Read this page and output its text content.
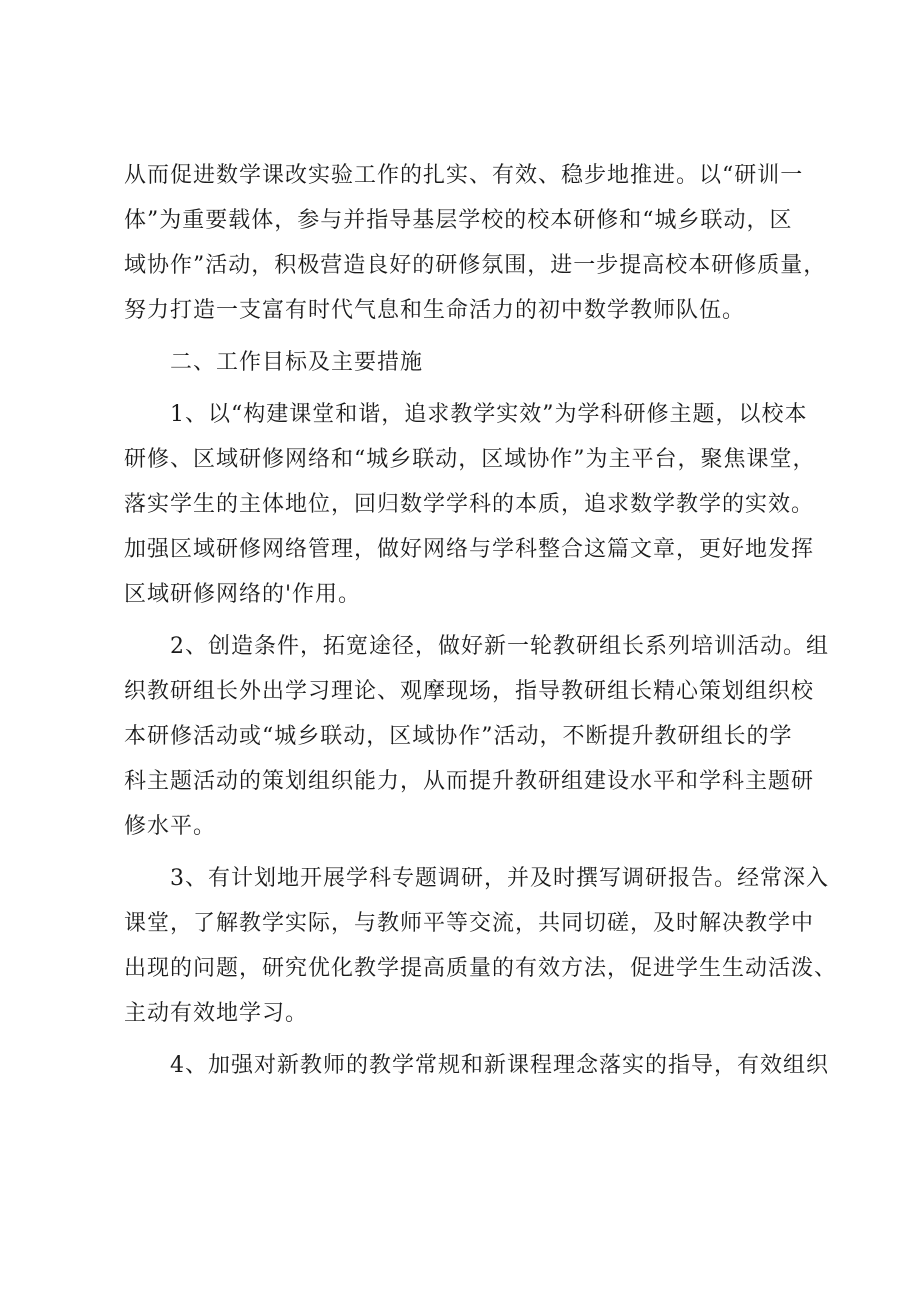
从而促进数学课改实验工作的扎实、有效、稳步地推进。以“研训一
体”为重要载体，参与并指导基层学校的校本研修和“城乡联动，区
域协作”活动，积极营造良好的研修氛围，进一步提高校本研修质量，
努力打造一支富有时代气息和生命活力的初中数学教师队伍。
二、工作目标及主要措施
1、以“构建课堂和谐，追求教学实效”为学科研修主题，以校本
研修、区域研修网络和“城乡联动，区域协作”为主平台，聚焦课堂，
落实学生的主体地位，回归数学学科的本质，追求数学教学的实效。
加强区域研修网络管理，做好网络与学科整合这篇文章，更好地发挥
区域研修网络的'作用。
2、创造条件，拓宽途径，做好新一轮教研组长系列培训活动。组
织教研组长外出学习理论、观摩现场，指导教研组长精心策划组织校
本研修活动或“城乡联动，区域协作”活动，不断提升教研组长的学
科主题活动的策划组织能力，从而提升教研组建设水平和学科主题研
修水平。
3、有计划地开展学科专题调研，并及时撰写调研报告。经常深入
课堂，了解教学实际，与教师平等交流，共同切磋，及时解决教学中
出现的问题，研究优化教学提高质量的有效方法，促进学生生动活泼、
主动有效地学习。
4、加强对新教师的教学常规和新课程理念落实的指导，有效组织
